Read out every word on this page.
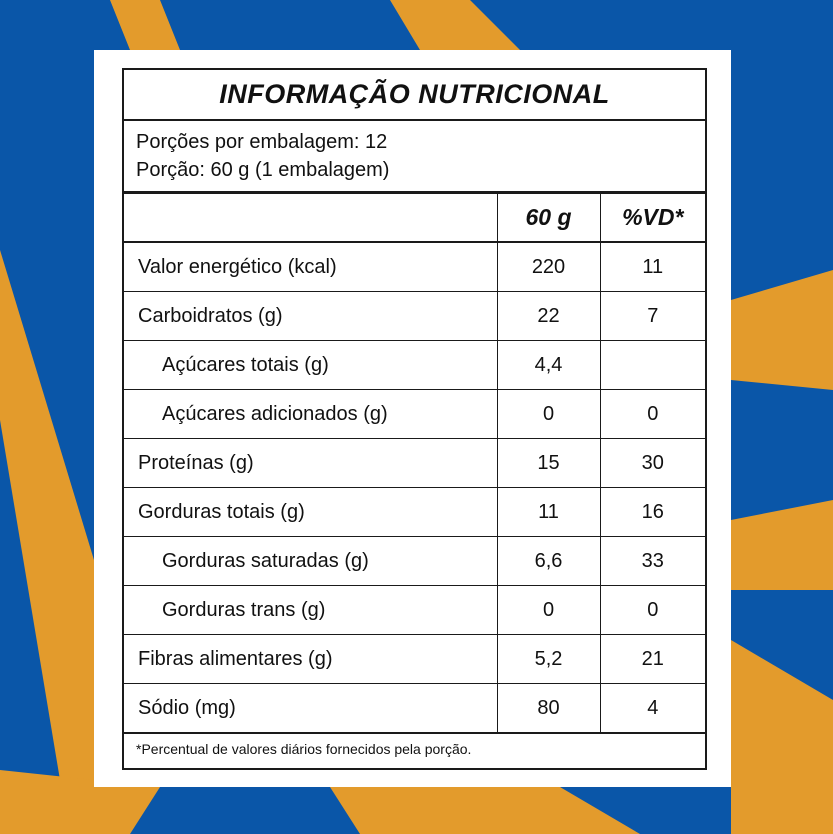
INFORMAÇÃO NUTRICIONAL
Porções por embalagem: 12
Porção: 60 g (1 embalagem)
	60 g	%VD*
Valor energético (kcal)	220	11
Carboidratos (g)	22	7
Açúcares totais (g)	4,4	
Açúcares adicionados (g)	0	0
Proteínas (g)	15	30
Gorduras totais (g)	11	16
Gorduras saturadas (g)	6,6	33
Gorduras trans (g)	0	0
Fibras alimentares (g)	5,2	21
Sódio (mg)	80	4
*Percentual de valores diários fornecidos pela porção.
